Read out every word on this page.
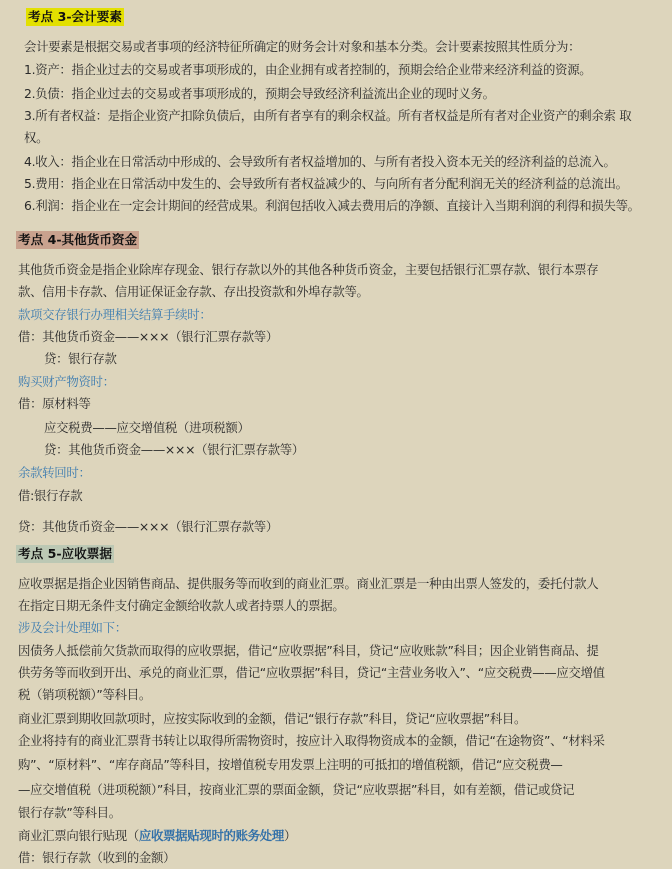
考点 3-会计要素
会计要素是根据交易或者事项的经济特征所确定的财务会计对象和基本分类。会计要素按照其性质分为：
1.资产：指企业过去的交易或者事项形成的，由企业拥有或者控制的，预期会给企业带来经济利益的资源。
2.负债：指企业过去的交易或者事项形成的，预期会导致经济利益流出企业的现时义务。
3.所有者权益：是指企业资产扣除负债后，由所有者享有的剩余权益。所有者权益是所有者对企业资产的剩余索 取
权。
4.收入：指企业在日常活动中形成的、会导致所有者权益增加的、与所有者投入资本无关的经济利益的总流入。
5.费用：指企业在日常活动中发生的、会导致所有者权益减少的、与向所有者分配利润无关的经济利益的总流出。
6.利润：指企业在一定会计期间的经营成果。利润包括收入减去费用后的净额、直接计入当期利润的利得和损失等。
考点 4-其他货币资金
其他货币资金是指企业除库存现金、银行存款以外的其他各种货币资金，主要包括银行汇票存款、银行本票存
款、信用卡存款、信用证保证金存款、存出投资款和外埠存款等。
款项交存银行办理相关结算手续时：
借：其他货币资金——×××（银行汇票存款等）
贷：银行存款
购买财产物资时：
借：原材料等
应交税费——应交增值税（进项税额）
贷：其他货币资金——×××（银行汇票存款等）
余款转回时：
借:银行存款
贷：其他货币资金——×××（银行汇票存款等）
考点 5-应收票据
应收票据是指企业因销售商品、提供服务等而收到的商业汇票。商业汇票是一种由出票人签发的，委托付款人
在指定日期无条件支付确定金额给收款人或者持票人的票据。
涉及会计处理如下：
因债务人抵偿前欠货款而取得的应收票据，借记“应收票据”科目，贷记“应收账款”科目；因企业销售商品、提
供劳务等而收到开出、承兑的商业汇票，借记“应收票据”科目，贷记“主营业务收入”、“应交税费——应交增值
税（销项税额）”等科目。
商业汇票到期收回款项时，应按实际收到的金额，借记“银行存款”科目，贷记“应收票据”科目。
企业将持有的商业汇票背书转让以取得所需物资时，按应计入取得物资成本的金额，借记“在途物资”、“材料采
购”、“原材料”、“库存商品”等科目，按增值税专用发票上注明的可抵扣的增值税额，借记“应交税费—
—应交增值税（进项税额）”科目，按商业汇票的票面金额，贷记“应收票据”科目，如有差额，借记或贷记
银行存款”等科目。
商业汇票向银行贴现（应收票据贴现时的账务处理）
借：银行存款（收到的金额）
